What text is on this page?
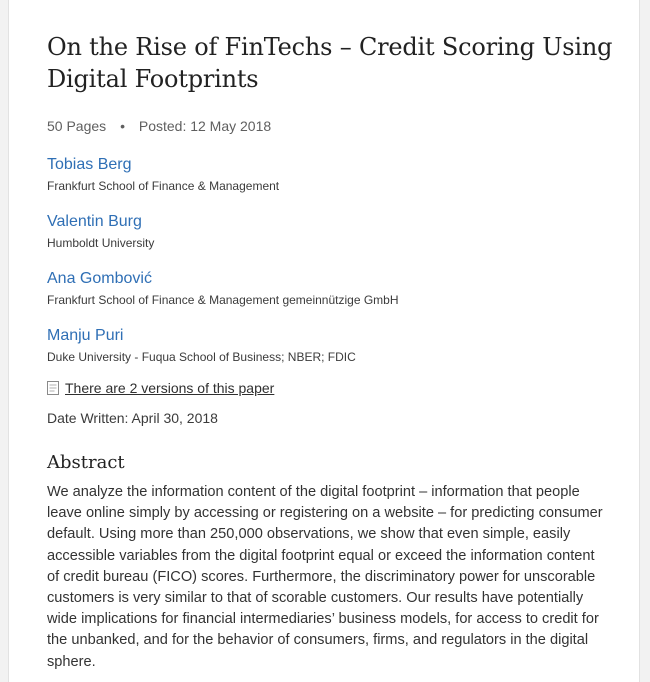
On the Rise of FinTechs – Credit Scoring Using Digital Footprints
50 Pages • Posted: 12 May 2018
Tobias Berg
Frankfurt School of Finance & Management
Valentin Burg
Humboldt University
Ana Gombović
Frankfurt School of Finance & Management gemeinnützige GmbH
Manju Puri
Duke University - Fuqua School of Business; NBER; FDIC
There are 2 versions of this paper
Date Written: April 30, 2018
Abstract
We analyze the information content of the digital footprint – information that people leave online simply by accessing or registering on a website – for predicting consumer default. Using more than 250,000 observations, we show that even simple, easily accessible variables from the digital footprint equal or exceed the information content of credit bureau (FICO) scores. Furthermore, the discriminatory power for unscorable customers is very similar to that of scorable customers. Our results have potentially wide implications for financial intermediaries’ business models, for access to credit for the unbanked, and for the behavior of consumers, firms, and regulators in the digital sphere.
